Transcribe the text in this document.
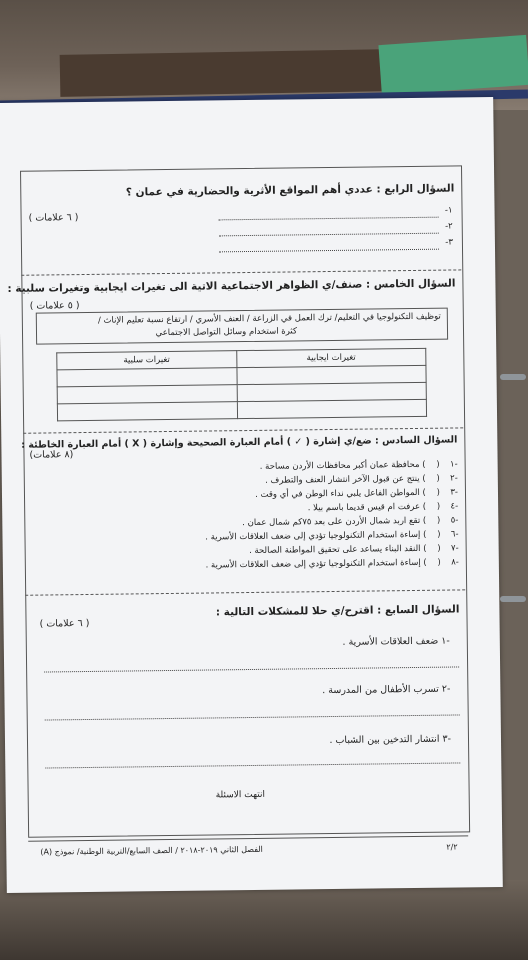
السؤال الرابع : عددي أهم المواقع الأثرية والحضارية في عمان ؟
( ٦ علامات )
-١
-٢
-٣
السؤال الخامس : صنف/ي الظواهر الاجتماعية الاتية الى تغيرات ايجابية وتغيرات سلبية :
( ٥ علامات )
توظيف التكنولوجيا في التعليم/ ترك العمل في الزراعة / العنف الأسري / ارتفاع نسبة تعليم الإناث /
كثرة استخدام وسائل التواصل الاجتماعي
تغيرات سلبية	تغيرات ايجابية

السؤال السادس : ضع/ي إشارة ( ✓ ) أمام العبارة الصحيحة وإشارة ( X ) أمام العبارة الخاطئة :
(٨ علامات)
-١(    ) محافظة عمان أكبر محافظات الأردن مساحة .
-٢(    ) ينتج عن قبول الآخر انتشار العنف والتطرف .
-٣(    ) المواطن الفاعل يلبي نداء الوطن في أي وقت .
-٤(    ) عرفت ام قيس قديما باسم بيلا .
-٥(    ) تقع اربد شمال الأردن على بعد ٧٥كم شمال عمان .
-٦(    ) إساءة استخدام التكنولوجيا تؤدي إلى ضعف العلاقات الأسرية .
-٧(    ) النقد البناء يساعد على تحقيق المواطنة الصالحة .
-٨(    ) إساءة استخدام التكنولوجيا تؤدي إلى ضعف العلاقات الأسرية .
السؤال السابع : اقترح/ي حلا للمشكلات التالية :
( ٦ علامات )
-١ ضعف العلاقات الأسرية .
-٢ تسرب الأطفال من المدرسة .
-٣ انتشار التدخين بين الشباب .
انتهت الاسئلة
الفصل الثاني ٢٠١٩-٢٠١٨ / الصف السابع/التربية الوطنية/ نموذج (A)	٢/٢
